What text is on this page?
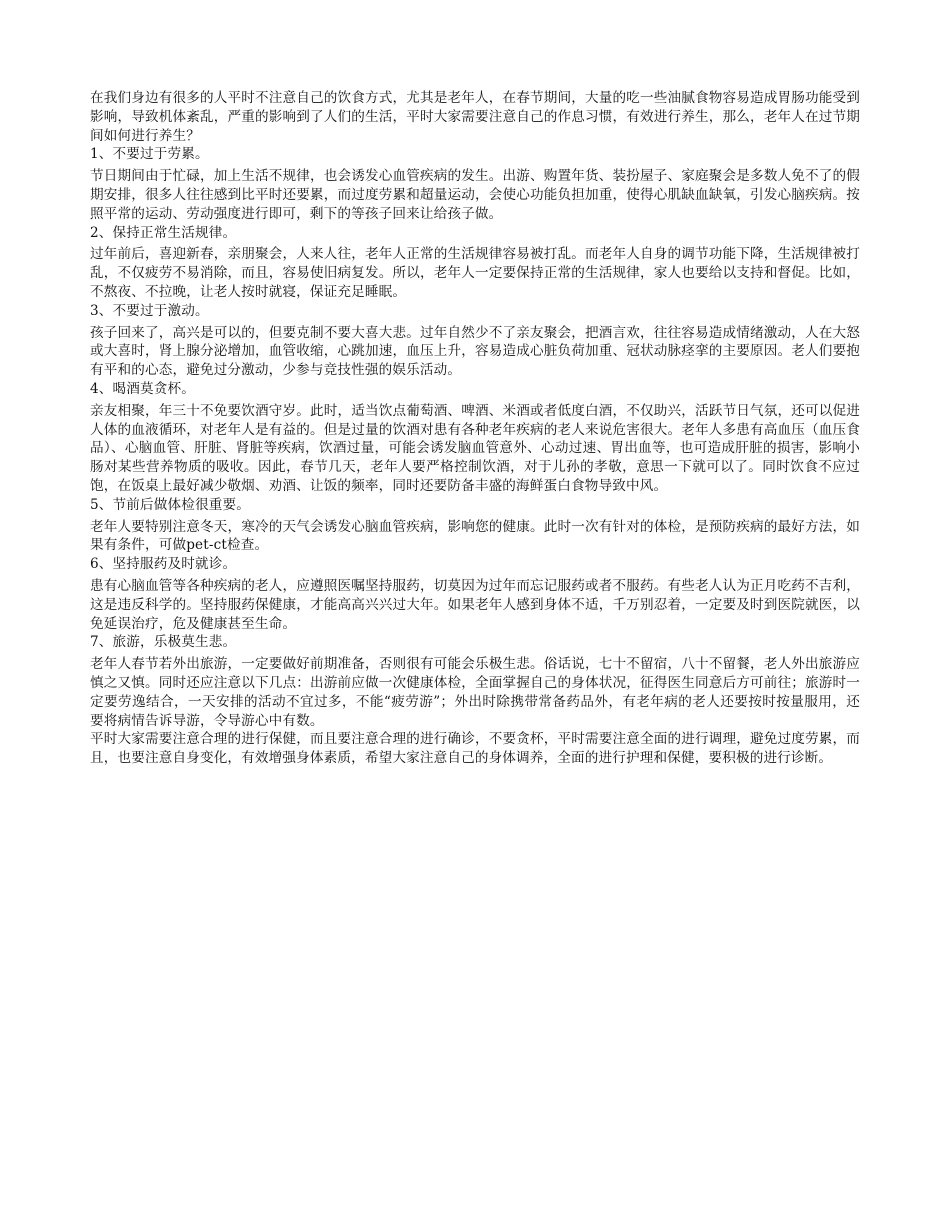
在我们身边有很多的人平时不注意自己的饮食方式，尤其是老年人，在春节期间，大量的吃一些油腻食物容易造成胃肠功能受到影响，导致机体紊乱，严重的影响到了人们的生活，平时大家需要注意自己的作息习惯，有效进行养生，那么，老年人在过节期间如何进行养生？

1、不要过于劳累。

节日期间由于忙碌，加上生活不规律，也会诱发心血管疾病的发生。出游、购置年货、装扮屋子、家庭聚会是多数人免不了的假期安排，很多人往往感到比平时还要累，而过度劳累和超量运动，会使心功能负担加重，使得心肌缺血缺氧，引发心脑疾病。按照平常的运动、劳动强度进行即可，剩下的等孩子回来让给孩子做。

2、保持正常生活规律。

过年前后，喜迎新春，亲朋聚会，人来人往，老年人正常的生活规律容易被打乱。而老年人自身的调节功能下降，生活规律被打乱，不仅疲劳不易消除，而且，容易使旧病复发。所以，老年人一定要保持正常的生活规律，家人也要给以支持和督促。比如，不熬夜、不拉晚，让老人按时就寝，保证充足睡眠。

3、不要过于激动。

孩子回来了，高兴是可以的，但要克制不要大喜大悲。过年自然少不了亲友聚会，把酒言欢，往往容易造成情绪激动，人在大怒或大喜时，肾上腺分泌增加，血管收缩，心跳加速，血压上升，容易造成心脏负荷加重、冠状动脉痉挛的主要原因。老人们要抱有平和的心态，避免过分激动，少参与竞技性强的娱乐活动。

4、喝酒莫贪杯。

亲友相聚，年三十不免要饮酒守岁。此时，适当饮点葡萄酒、啤酒、米酒或者低度白酒，不仅助兴，活跃节日气氛，还可以促进人体的血液循环，对老年人是有益的。但是过量的饮酒对患有各种老年疾病的老人来说危害很大。老年人多患有高血压（血压食品）、心脑血管、肝脏、肾脏等疾病，饮酒过量，可能会诱发脑血管意外、心动过速、胃出血等，也可造成肝脏的损害，影响小肠对某些营养物质的吸收。因此，春节几天，老年人要严格控制饮酒，对于儿孙的孝敬，意思一下就可以了。同时饮食不应过饱，在饭桌上最好减少敬烟、劝酒、让饭的频率，同时还要防备丰盛的海鲜蛋白食物导致中风。

5、节前后做体检很重要。

老年人要特别注意冬天，寒冷的天气会诱发心脑血管疾病，影响您的健康。此时一次有针对的体检，是预防疾病的最好方法，如果有条件，可做pet-ct检查。

6、坚持服药及时就诊。

患有心脑血管等各种疾病的老人，应遵照医嘱坚持服药，切莫因为过年而忘记服药或者不服药。有些老人认为正月吃药不吉利，这是违反科学的。坚持服药保健康，才能高高兴兴过大年。如果老年人感到身体不适，千万别忍着，一定要及时到医院就医，以免延误治疗，危及健康甚至生命。

7、旅游，乐极莫生悲。

老年人春节若外出旅游，一定要做好前期准备，否则很有可能会乐极生悲。俗话说，七十不留宿，八十不留餐，老人外出旅游应慎之又慎。同时还应注意以下几点：出游前应做一次健康体检，全面掌握自己的身体状况，征得医生同意后方可前往；旅游时一定要劳逸结合，一天安排的活动不宜过多，不能“疲劳游”；外出时除携带常备药品外，有老年病的老人还要按时按量服用，还要将病情告诉导游，令导游心中有数。

平时大家需要注意合理的进行保健，而且要注意合理的进行确诊，不要贪杯，平时需要注意全面的进行调理，避免过度劳累，而且，也要注意自身变化，有效增强身体素质，希望大家注意自己的身体调养，全面的进行护理和保健，要积极的进行诊断。
